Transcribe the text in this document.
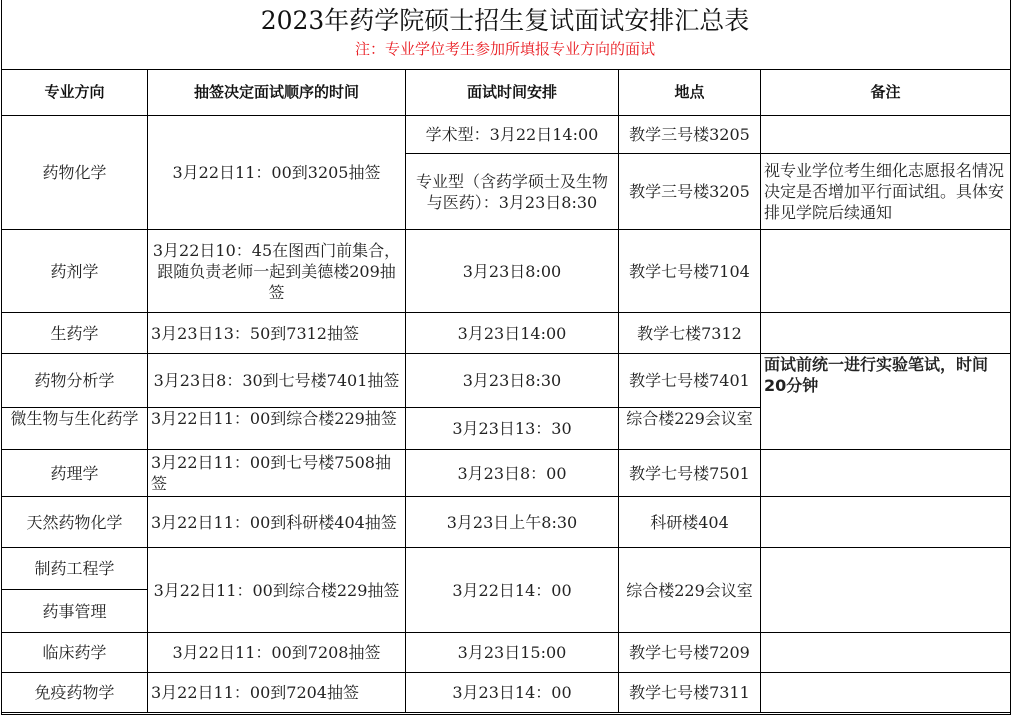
2023年药学院硕士招生复试面试安排汇总表
注：专业学位考生参加所填报专业方向的面试
专业方向	抽签决定面试顺序的时间	面试时间安排	地点	备注
药物化学	3月22日11：00到3205抽签	学术型：3月22日14:00	教学三号楼3205	
		专业型（含药学硕士及生物与医药）：3月23日8:30	教学三号楼3205	视专业学位考生细化志愿报名情况决定是否增加平行面试组。具体安排见学院后续通知
药剂学	3月22日10：45在图西门前集合，跟随负责老师一起到美德楼209抽签	3月23日8:00	教学七号楼7104	
生药学	3月23日13：50到7312抽签	3月23日14:00	教学七楼7312	
药物分析学	3月23日8：30到七号楼7401抽签	3月23日8:30	教学七号楼7401	面试前统一进行实验笔试，时间20分钟
微生物与生化药学	3月22日11：00到综合楼229抽签	3月23日13：30	综合楼229会议室	
药理学	3月22日11：00到七号楼7508抽签	3月23日8：00	教学七号楼7501	
天然药物化学	3月22日11：00到科研楼404抽签	3月23日上午8:30	科研楼404	
制药工程学	3月22日11：00到综合楼229抽签	3月22日14：00	综合楼229会议室	
药事管理				
临床药学	3月22日11：00到7208抽签	3月23日15:00	教学七号楼7209	
免疫药物学	3月22日11：00到7204抽签	3月23日14：00	教学七号楼7311	
